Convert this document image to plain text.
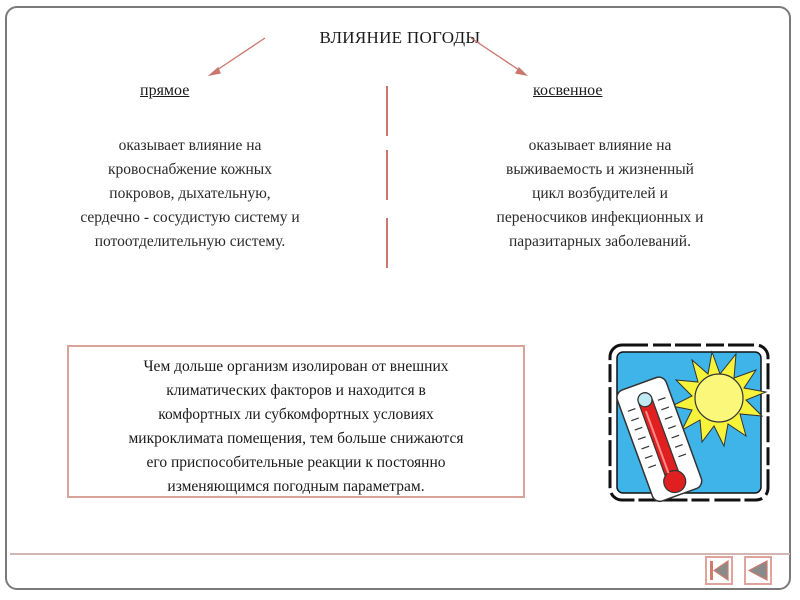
ВЛИЯНИЕ ПОГОДЫ
прямое	косвенное
оказывает влияние на
кровоснабжение кожных
покровов, дыхательную,
сердечно - сосудистую систему и
потоотделительную систему.
оказывает влияние на
выживаемость и жизненный
цикл возбудителей и
переносчиков инфекционных и
паразитарных заболеваний.
Чем дольше организм изолирован от внешних
климатических факторов и находится в
комфортных ли субкомфортных условиях
микроклимата помещения, тем больше снижаются
его приспособительные реакции к постоянно
изменяющимся погодным параметрам.
